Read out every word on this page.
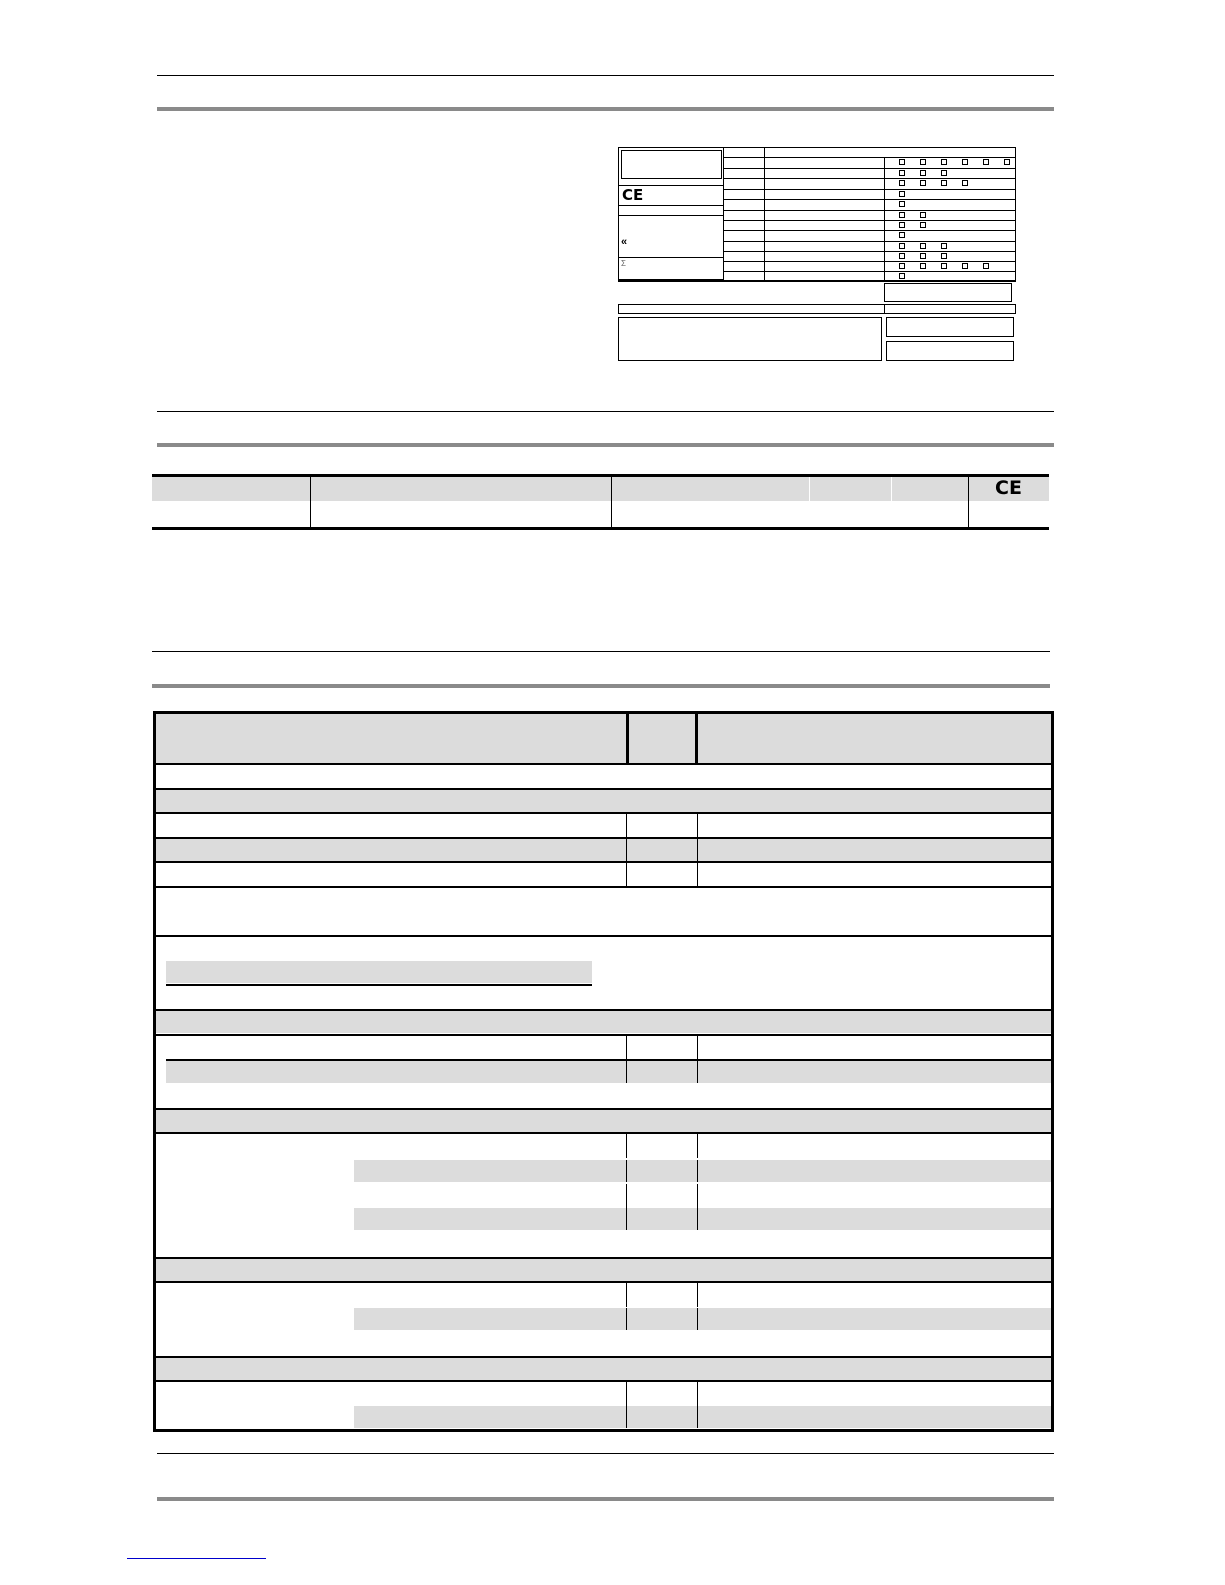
CE
«
Σ
CE
